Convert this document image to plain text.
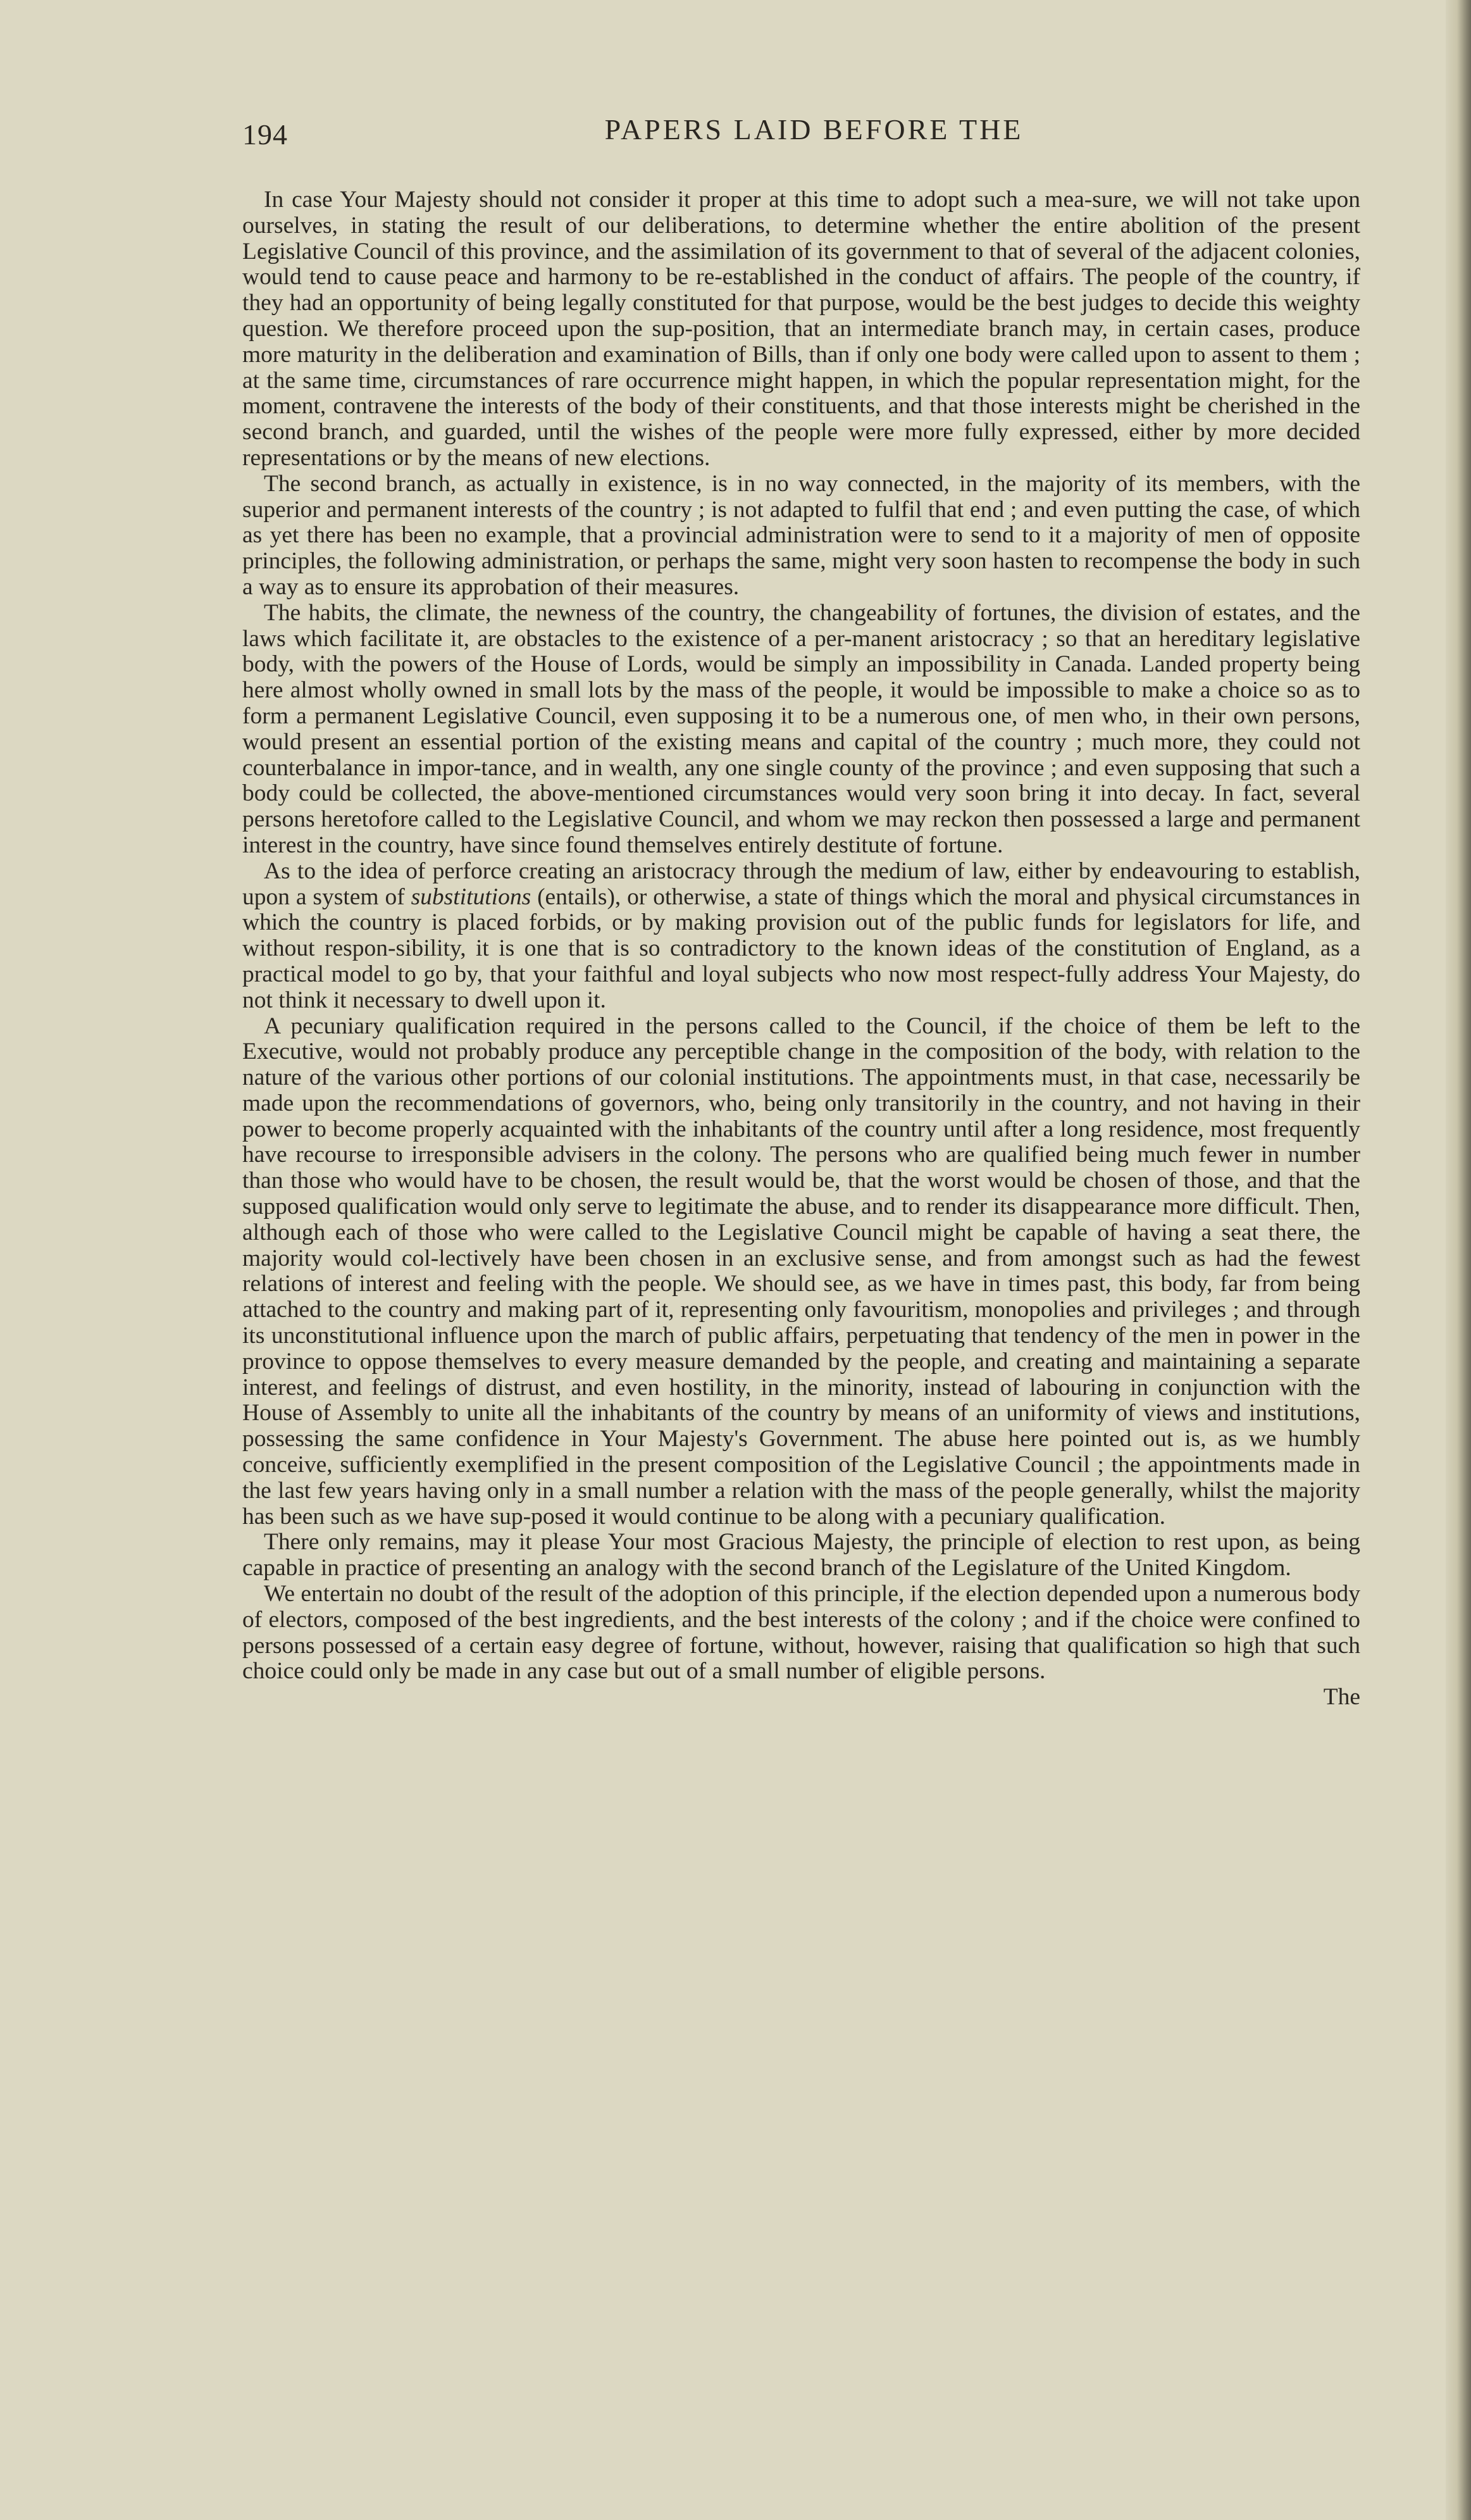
194	PAPERS LAID BEFORE THE

In case Your Majesty should not consider it proper at this time to adopt such a mea-sure, we will not take upon ourselves, in stating the result of our deliberations, to determine whether the entire abolition of the present Legislative Council of this province, and the assimilation of its government to that of several of the adjacent colonies, would tend to cause peace and harmony to be re-established in the conduct of affairs. The people of the country, if they had an opportunity of being legally constituted for that purpose, would be the best judges to decide this weighty question. We therefore proceed upon the sup-position, that an intermediate branch may, in certain cases, produce more maturity in the deliberation and examination of Bills, than if only one body were called upon to assent to them ; at the same time, circumstances of rare occurrence might happen, in which the popular representation might, for the moment, contravene the interests of the body of their constituents, and that those interests might be cherished in the second branch, and guarded, until the wishes of the people were more fully expressed, either by more decided representations or by the means of new elections.

The second branch, as actually in existence, is in no way connected, in the majority of its members, with the superior and permanent interests of the country ; is not adapted to fulfil that end ; and even putting the case, of which as yet there has been no example, that a provincial administration were to send to it a majority of men of opposite principles, the following administration, or perhaps the same, might very soon hasten to recompense the body in such a way as to ensure its approbation of their measures.

The habits, the climate, the newness of the country, the changeability of fortunes, the division of estates, and the laws which facilitate it, are obstacles to the existence of a per-manent aristocracy ; so that an hereditary legislative body, with the powers of the House of Lords, would be simply an impossibility in Canada. Landed property being here almost wholly owned in small lots by the mass of the people, it would be impossible to make a choice so as to form a permanent Legislative Council, even supposing it to be a numerous one, of men who, in their own persons, would present an essential portion of the existing means and capital of the country ; much more, they could not counterbalance in impor-tance, and in wealth, any one single county of the province ; and even supposing that such a body could be collected, the above-mentioned circumstances would very soon bring it into decay. In fact, several persons heretofore called to the Legislative Council, and whom we may reckon then possessed a large and permanent interest in the country, have since found themselves entirely destitute of fortune.

As to the idea of perforce creating an aristocracy through the medium of law, either by endeavouring to establish, upon a system of substitutions (entails), or otherwise, a state of things which the moral and physical circumstances in which the country is placed forbids, or by making provision out of the public funds for legislators for life, and without respon-sibility, it is one that is so contradictory to the known ideas of the constitution of England, as a practical model to go by, that your faithful and loyal subjects who now most respect-fully address Your Majesty, do not think it necessary to dwell upon it.

A pecuniary qualification required in the persons called to the Council, if the choice of them be left to the Executive, would not probably produce any perceptible change in the composition of the body, with relation to the nature of the various other portions of our colonial institutions. The appointments must, in that case, necessarily be made upon the recommendations of governors, who, being only transitorily in the country, and not having in their power to become properly acquainted with the inhabitants of the country until after a long residence, most frequently have recourse to irresponsible advisers in the colony. The persons who are qualified being much fewer in number than those who would have to be chosen, the result would be, that the worst would be chosen of those, and that the supposed qualification would only serve to legitimate the abuse, and to render its disappearance more difficult. Then, although each of those who were called to the Legislative Council might be capable of having a seat there, the majority would col-lectively have been chosen in an exclusive sense, and from amongst such as had the fewest relations of interest and feeling with the people. We should see, as we have in times past, this body, far from being attached to the country and making part of it, representing only favouritism, monopolies and privileges ; and through its unconstitutional influence upon the march of public affairs, perpetuating that tendency of the men in power in the province to oppose themselves to every measure demanded by the people, and creating and maintaining a separate interest, and feelings of distrust, and even hostility, in the minority, instead of labouring in conjunction with the House of Assembly to unite all the inhabitants of the country by means of an uniformity of views and institutions, possessing the same confidence in Your Majesty's Government. The abuse here pointed out is, as we humbly conceive, sufficiently exemplified in the present composition of the Legislative Council ; the appointments made in the last few years having only in a small number a relation with the mass of the people generally, whilst the majority has been such as we have sup-posed it would continue to be along with a pecuniary qualification.

There only remains, may it please Your most Gracious Majesty, the principle of election to rest upon, as being capable in practice of presenting an analogy with the second branch of the Legislature of the United Kingdom.

We entertain no doubt of the result of the adoption of this principle, if the election depended upon a numerous body of electors, composed of the best ingredients, and the best interests of the colony ; and if the choice were confined to persons possessed of a certain easy degree of fortune, without, however, raising that qualification so high that such choice could only be made in any case but out of a small number of eligible persons.

The
